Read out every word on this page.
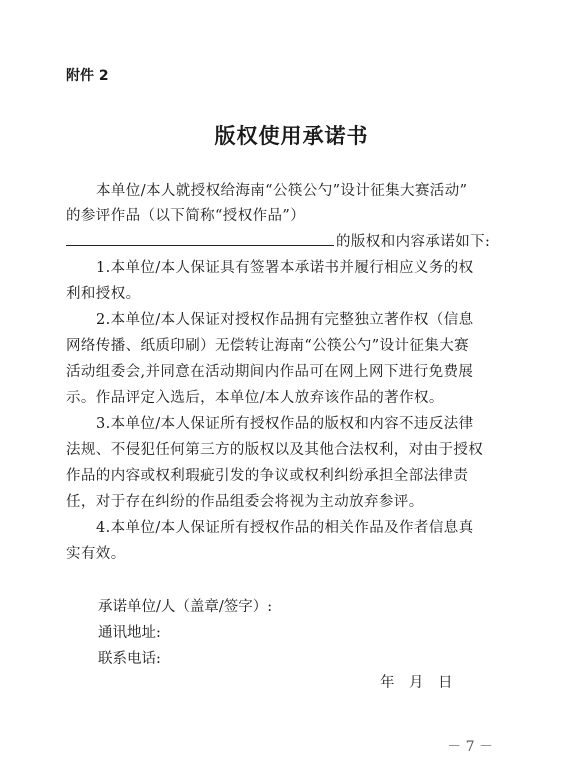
附件 2
版权使用承诺书
本单位/本人就授权给海南“公筷公勺”设计征集大赛活动”
的参评作品（以下简称“授权作品”）
的版权和内容承诺如下:
1.本单位/本人保证具有签署本承诺书并履行相应义务的权
利和授权。
2.本单位/本人保证对授权作品拥有完整独立著作权（信息
网络传播、纸质印刷）无偿转让海南“公筷公勺”设计征集大赛
活动组委会,并同意在活动期间内作品可在网上网下进行免费展
示。作品评定入选后，本单位/本人放弃该作品的著作权。
3.本单位/本人保证所有授权作品的版权和内容不违反法律
法规、不侵犯任何第三方的版权以及其他合法权利，对由于授权
作品的内容或权利瑕疵引发的争议或权利纠纷承担全部法律责
任，对于存在纠纷的作品组委会将视为主动放弃参评。
4.本单位/本人保证所有授权作品的相关作品及作者信息真
实有效。
承诺单位/人（盖章/签字）:
通讯地址:
联系电话:
年　月　日
－ 7 －
